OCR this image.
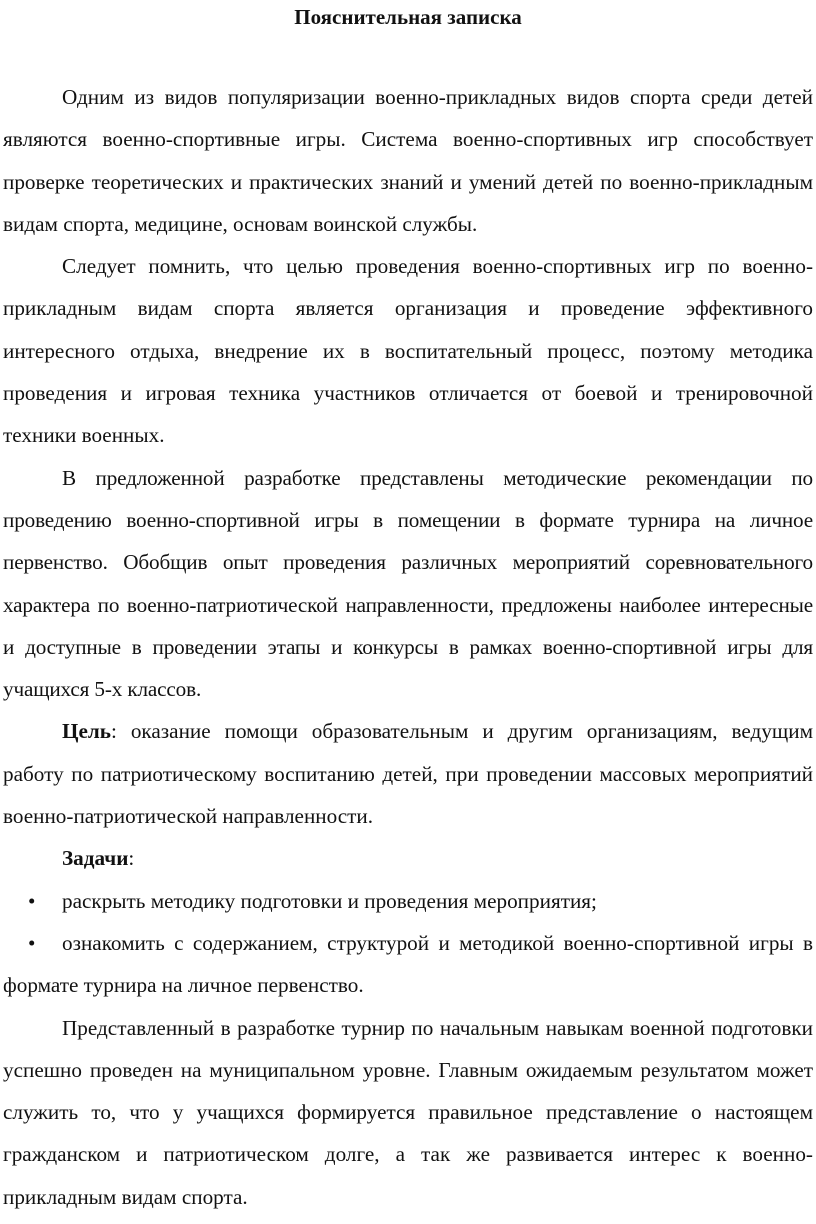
Пояснительная записка

Одним из видов популяризации военно-прикладных видов спорта среди детей являются военно-спортивные игры. Система военно-спортивных игр способствует проверке теоретических и практических знаний и умений детей по военно-прикладным видам спорта, медицине, основам воинской службы.

Следует помнить, что целью проведения военно-спортивных игр по военно-прикладным видам спорта является организация и проведение эффективного интересного отдыха, внедрение их в воспитательный процесс, поэтому методика проведения и игровая техника участников отличается от боевой и тренировочной техники военных.

В предложенной разработке представлены методические рекомендации по проведению военно-спортивной игры в помещении в формате турнира на личное первенство. Обобщив опыт проведения различных мероприятий соревновательного характера по военно-патриотической направленности, предложены наиболее интересные и доступные в проведении этапы и конкурсы в рамках военно-спортивной игры для учащихся 5-х классов.

Цель: оказание помощи образовательным и другим организациям, ведущим работу по патриотическому воспитанию детей, при проведении массовых мероприятий военно-патриотической направленности.

Задачи:

• раскрыть методику подготовки и проведения мероприятия;

• ознакомить с содержанием, структурой и методикой военно-спортивной игры в формате турнира на личное первенство.

Представленный в разработке турнир по начальным навыкам военной подготовки успешно проведен на муниципальном уровне. Главным ожидаемым результатом может служить то, что у учащихся формируется правильное представление о настоящем гражданском и патриотическом долге, а так же развивается интерес к военно-прикладным видам спорта.
